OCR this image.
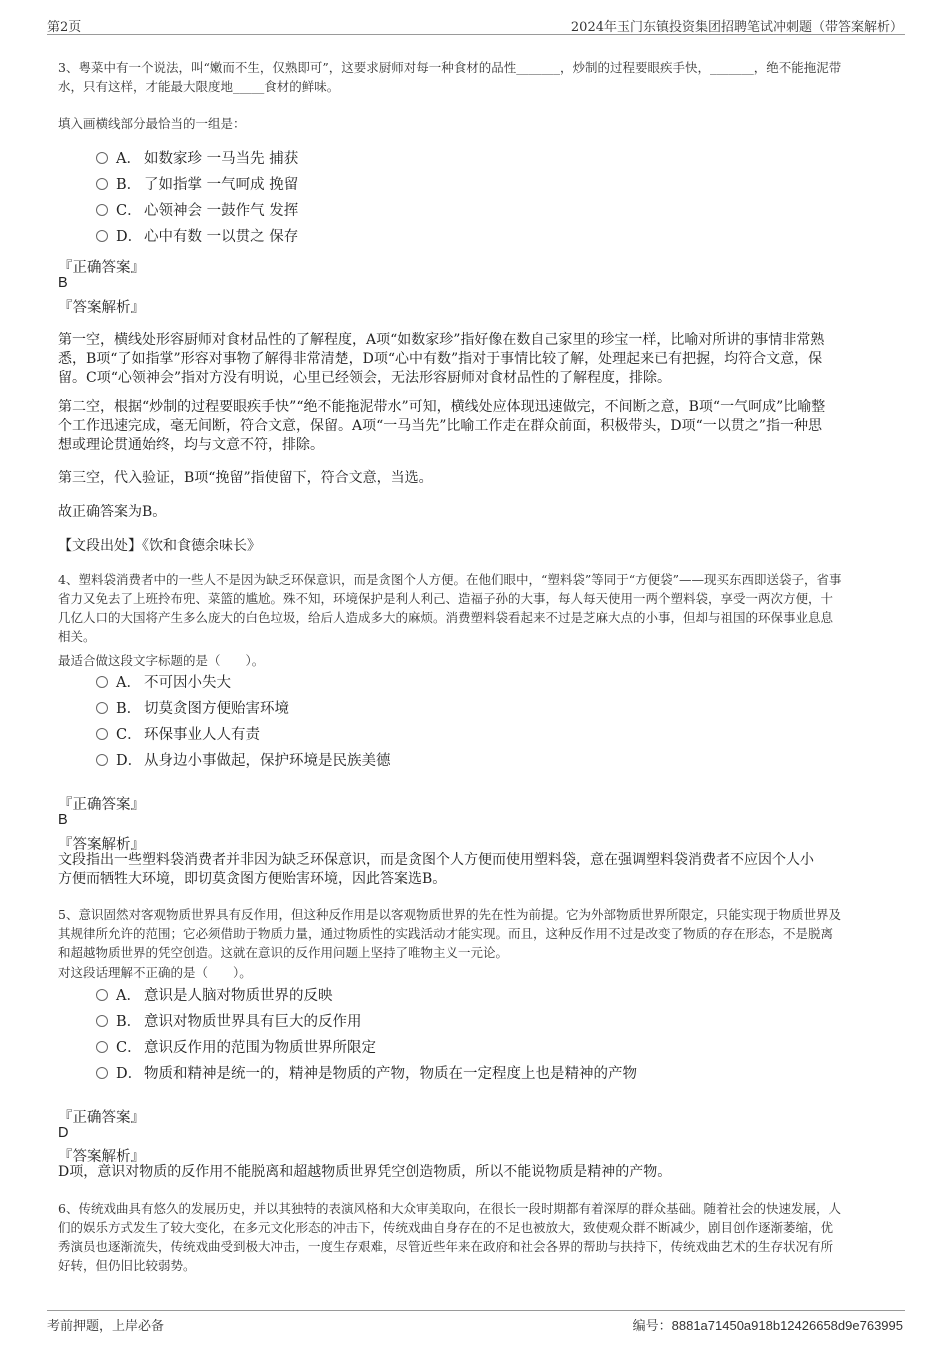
第2页	2024年玉门东镇投资集团招聘笔试冲刺题（带答案解析）
3、粤菜中有一个说法，叫“嫩而不生，仅熟即可”，这要求厨师对每一种食材的品性_______，炒制的过程要眼疾手快，_______，绝不能拖泥带
水，只有这样，才能最大限度地_____食材的鲜味。
填入画横线部分最恰当的一组是：
A． 如数家珍 一马当先 捕获
B． 了如指掌 一气呵成 挽留
C． 心领神会 一鼓作气 发挥
D． 心中有数 一以贯之 保存
『正确答案』
B
『答案解析』
第一空，横线处形容厨师对食材品性的了解程度，A项“如数家珍”指好像在数自己家里的珍宝一样，比喻对所讲的事情非常熟
悉，B项“了如指掌”形容对事物了解得非常清楚，D项“心中有数”指对于事情比较了解，处理起来已有把握，均符合文意，保
留。C项“心领神会”指对方没有明说，心里已经领会，无法形容厨师对食材品性的了解程度，排除。
第二空，根据“炒制的过程要眼疾手快”“绝不能拖泥带水”可知，横线处应体现迅速做完，不间断之意，B项“一气呵成”比喻整
个工作迅速完成，毫无间断，符合文意，保留。A项“一马当先”比喻工作走在群众前面，积极带头，D项“一以贯之”指一种思
想或理论贯通始终，均与文意不符，排除。
第三空，代入验证，B项“挽留”指使留下，符合文意，当选。
故正确答案为B。
【文段出处】《饮和食德余味长》
4、塑料袋消费者中的一些人不是因为缺乏环保意识，而是贪图个人方便。在他们眼中，“塑料袋”等同于“方便袋”——现买东西即送袋子，省事
省力又免去了上班拎布兜、菜篮的尴尬。殊不知，环境保护是利人利己、造福子孙的大事，每人每天使用一两个塑料袋，享受一两次方便，十
几亿人口的大国将产生多么庞大的白色垃圾，给后人造成多大的麻烦。消费塑料袋看起来不过是芝麻大点的小事，但却与祖国的环保事业息息
相关。
最适合做这段文字标题的是（　　）。
A． 不可因小失大
B． 切莫贪图方便贻害环境
C． 环保事业人人有责
D． 从身边小事做起，保护环境是民族美德
『正确答案』
B
『答案解析』
文段指出一些塑料袋消费者并非因为缺乏环保意识，而是贪图个人方便而使用塑料袋，意在强调塑料袋消费者不应因个人小
方便而牺牲大环境，即切莫贪图方便贻害环境，因此答案选B。
5、意识固然对客观物质世界具有反作用，但这种反作用是以客观物质世界的先在性为前提。它为外部物质世界所限定，只能实现于物质世界及
其规律所允许的范围；它必须借助于物质力量，通过物质性的实践活动才能实现。而且，这种反作用不过是改变了物质的存在形态，不是脱离
和超越物质世界的凭空创造。这就在意识的反作用问题上坚持了唯物主义一元论。
对这段话理解不正确的是（　　）。
A． 意识是人脑对物质世界的反映
B． 意识对物质世界具有巨大的反作用
C． 意识反作用的范围为物质世界所限定
D． 物质和精神是统一的，精神是物质的产物，物质在一定程度上也是精神的产物
『正确答案』
D
『答案解析』
D项，意识对物质的反作用不能脱离和超越物质世界凭空创造物质，所以不能说物质是精神的产物。
6、传统戏曲具有悠久的发展历史，并以其独特的表演风格和大众审美取向，在很长一段时期都有着深厚的群众基础。随着社会的快速发展，人
们的娱乐方式发生了较大变化，在多元文化形态的冲击下，传统戏曲自身存在的不足也被放大，致使观众群不断减少，剧目创作逐渐萎缩，优
秀演员也逐渐流失，传统戏曲受到极大冲击，一度生存艰难，尽管近些年来在政府和社会各界的帮助与扶持下，传统戏曲艺术的生存状况有所
好转，但仍旧比较弱势。
考前押题，上岸必备	编号：8881a71450a918b12426658d9e763995
